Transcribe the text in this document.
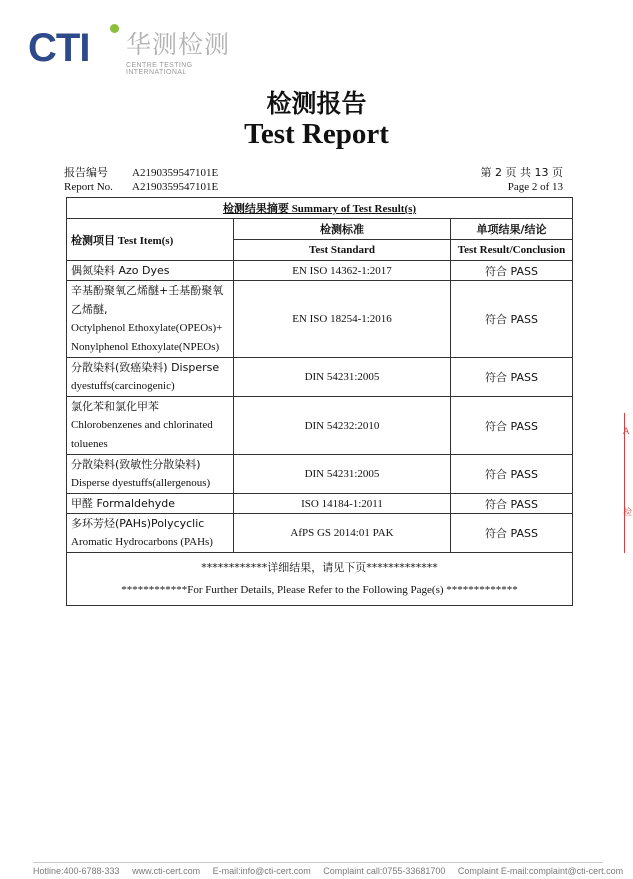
CTI 华测检测
CENTRE TESTING INTERNATIONAL
检测报告
Test Report
报告编号 A2190359547101E
Report No. A2190359547101E
第 2 页 共 13 页
Page 2 of 13
检测结果摘要 Summary of Test Result(s)		
检测项目 Test Item(s)	检测标准	单项结果/结论
	Test Standard	Test Result/Conclusion

偶氮染料 Azo Dyes	EN ISO 14362-1:2017	符合 PASS

辛基酚聚氧乙烯醚+壬基酚聚氧
乙烯醚,
Octylphenol Ethoxylate(OPEOs)+
Nonylphenol Ethoxylate(NPEOs)	EN ISO 18254-1:2016	符合 PASS

分散染料(致癌染料) Disperse
dyestuffs(carcinogenic)	DIN 54231:2005	符合 PASS

氯化苯和氯化甲苯
Chlorobenzenes and chlorinated
toluenes	DIN 54232:2010	符合 PASS

分散染料(致敏性分散染料)
Disperse dyestuffs(allergenous)	DIN 54231:2005	符合 PASS

甲醛 Formaldehyde	ISO 14184-1:2011	符合 PASS

多环芳烃(PAHs)Polycyclic
Aromatic Hydrocarbons (PAHs)	AfPS GS 2014:01 PAK	符合 PASS

************详细结果，请见下页*************
************For Further Details, Please Refer to the Following Page(s) *************		
A
检
Hotline:400-6788-333 www.cti-cert.com E-mail:info@cti-cert.com Complaint call:0755-33681700 Complaint E-mail:complaint@cti-cert.com
